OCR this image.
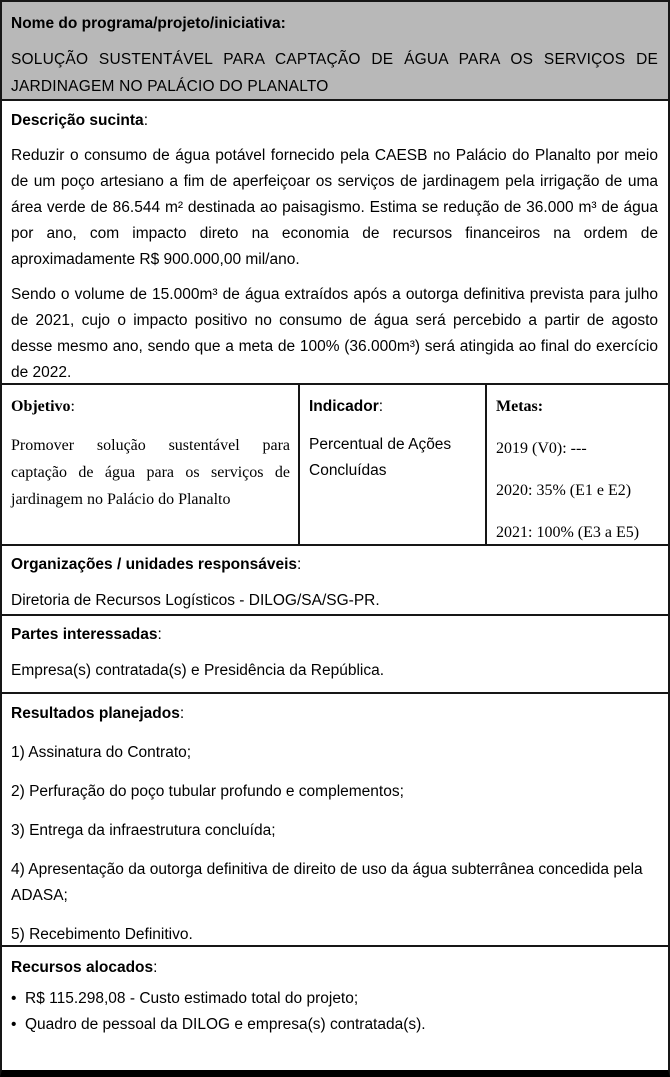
Nome do programa/projeto/iniciativa:
SOLUÇÃO SUSTENTÁVEL PARA CAPTAÇÃO DE ÁGUA PARA OS SERVIÇOS DE JARDINAGEM NO PALÁCIO DO PLANALTO
Descrição sucinta:

Reduzir o consumo de água potável fornecido pela CAESB no Palácio do Planalto por meio de um poço artesiano a fim de aperfeiçoar os serviços de jardinagem pela irrigação de uma área verde de 86.544 m² destinada ao paisagismo. Estima se redução de 36.000 m³ de água por ano, com impacto direto na economia de recursos financeiros na ordem de aproximadamente R$ 900.000,00 mil/ano.

Sendo o volume de 15.000m³ de água extraídos após a outorga definitiva prevista para julho de 2021, cujo o impacto positivo no consumo de água será percebido a partir de agosto desse mesmo ano, sendo que a meta de 100% (36.000m³) será atingida ao final do exercício de 2022.

Objetivo:

Promover solução sustentável para captação de água para os serviços de jardinagem no Palácio do Planalto

Indicador:

Percentual de Ações Concluídas

Metas:
2019 (V0): ---
2020: 35% (E1 e E2)
2021: 100% (E3 a E5)
Organizações / unidades responsáveis:

Diretoria de Recursos Logísticos - DILOG/SA/SG-PR.

Partes interessadas:

Empresa(s) contratada(s) e Presidência da República.

Resultados planejados:

1) Assinatura do Contrato;

2) Perfuração do poço tubular profundo e complementos;

3) Entrega da infraestrutura concluída;

4) Apresentação da outorga definitiva de direito de uso da água subterrânea concedida pela ADASA;

5) Recebimento Definitivo.

Recursos alocados:
• R$ 115.298,08 - Custo estimado total do projeto;
• Quadro de pessoal da DILOG e empresa(s) contratada(s).
